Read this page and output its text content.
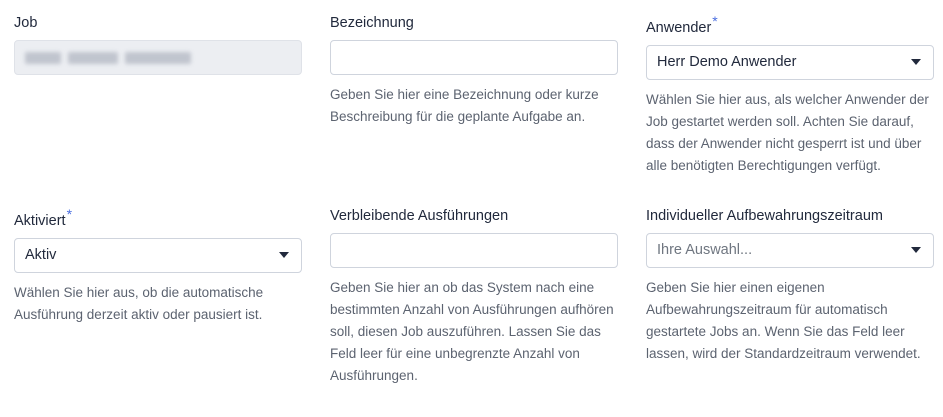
Job	Bezeichnung
Geben Sie hier eine Bezeichnung oder kurze Beschreibung für die geplante Aufgabe an.
Anwender*
Herr Demo Anwender
Wählen Sie hier aus, als welcher Anwender der Job gestartet werden soll. Achten Sie darauf, dass der Anwender nicht gesperrt ist und über alle benötigten Berechtigungen verfügt.
Aktiviert*
Aktiv
Wählen Sie hier aus, ob die automatische Ausführung derzeit aktiv oder pausiert ist.
Verbleibende Ausführungen
Geben Sie hier an ob das System nach eine bestimmten Anzahl von Ausführungen aufhören soll, diesen Job auszuführen. Lassen Sie das Feld leer für eine unbegrenzte Anzahl von Ausführungen.
Individueller Aufbewahrungszeitraum
Ihre Auswahl...
Geben Sie hier einen eigenen Aufbewahrungszeitraum für automatisch gestartete Jobs an. Wenn Sie das Feld leer lassen, wird der Standardzeitraum verwendet.
